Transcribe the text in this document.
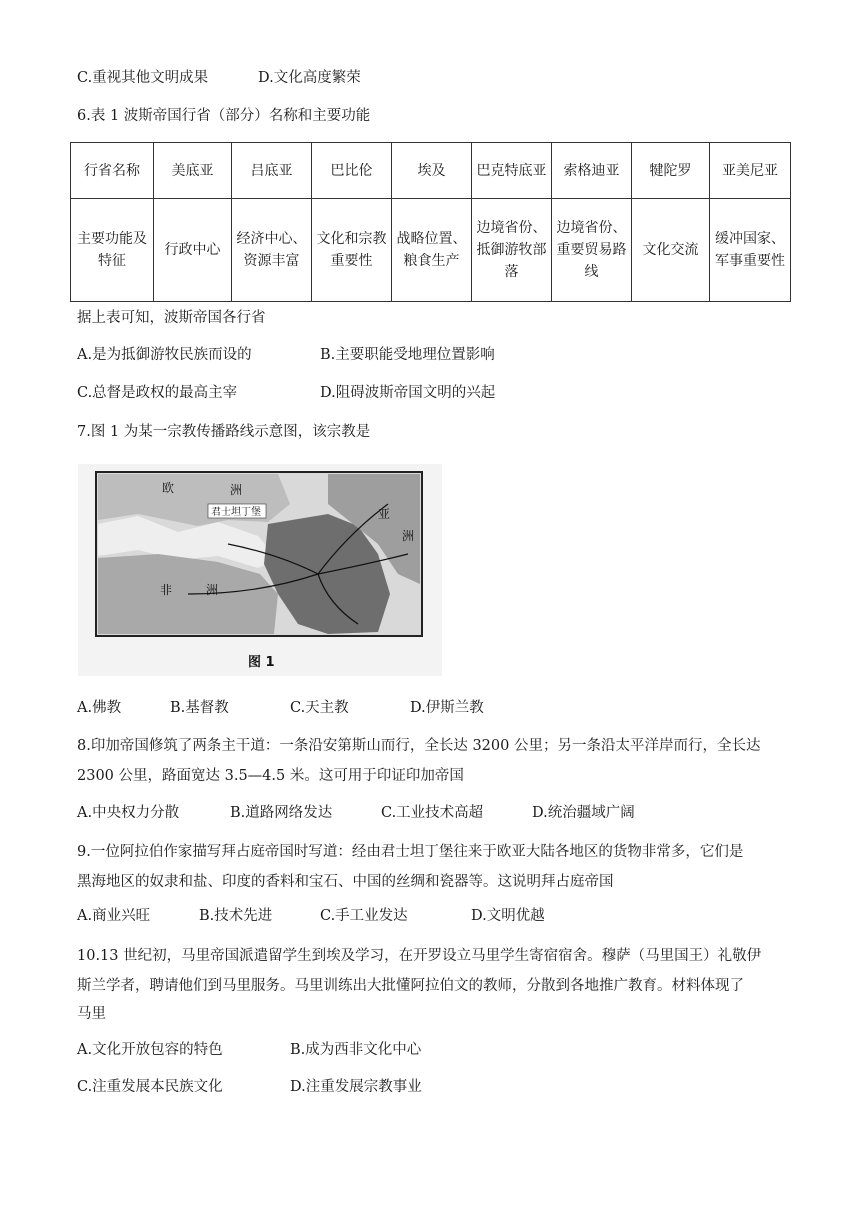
C.重视其他文明成果	D.文化高度繁荣
6.表 1 波斯帝国行省（部分）名称和主要功能
行省名称	美底亚	吕底亚	巴比伦	埃及	巴克特底亚	索格迪亚	犍陀罗	亚美尼亚
主要功能及特征	行政中心	经济中心、资源丰富	文化和宗教重要性	战略位置、粮食生产	边境省份、抵御游牧部落	边境省份、重要贸易路线	文化交流	缓冲国家、军事重要性
据上表可知，波斯帝国各行省
A.是为抵御游牧民族而设的	B.主要职能受地理位置影响
C.总督是政权的最高主宰	D.阻碍波斯帝国文明的兴起
7.图 1 为某一宗教传播路线示意图，该宗教是
欧	洲
君士坦丁堡	亚
洲
非	洲
图 1
A.佛教	B.基督教	C.天主教	D.伊斯兰教
8.印加帝国修筑了两条主干道：一条沿安第斯山而行，全长达 3200 公里；另一条沿太平洋岸而行，全长达
2300 公里，路面宽达 3.5—4.5 米。这可用于印证印加帝国
A.中央权力分散	B.道路网络发达	C.工业技术高超	D.统治疆域广阔
9.一位阿拉伯作家描写拜占庭帝国时写道：经由君士坦丁堡往来于欧亚大陆各地区的货物非常多，它们是
黑海地区的奴隶和盐、印度的香料和宝石、中国的丝绸和瓷器等。这说明拜占庭帝国
A.商业兴旺	B.技术先进	C.手工业发达	D.文明优越
10.13 世纪初，马里帝国派遣留学生到埃及学习，在开罗设立马里学生寄宿宿舍。穆萨（马里国王）礼敬伊
斯兰学者，聘请他们到马里服务。马里训练出大批懂阿拉伯文的教师，分散到各地推广教育。材料体现了
马里
A.文化开放包容的特色	B.成为西非文化中心
C.注重发展本民族文化	D.注重发展宗教事业
